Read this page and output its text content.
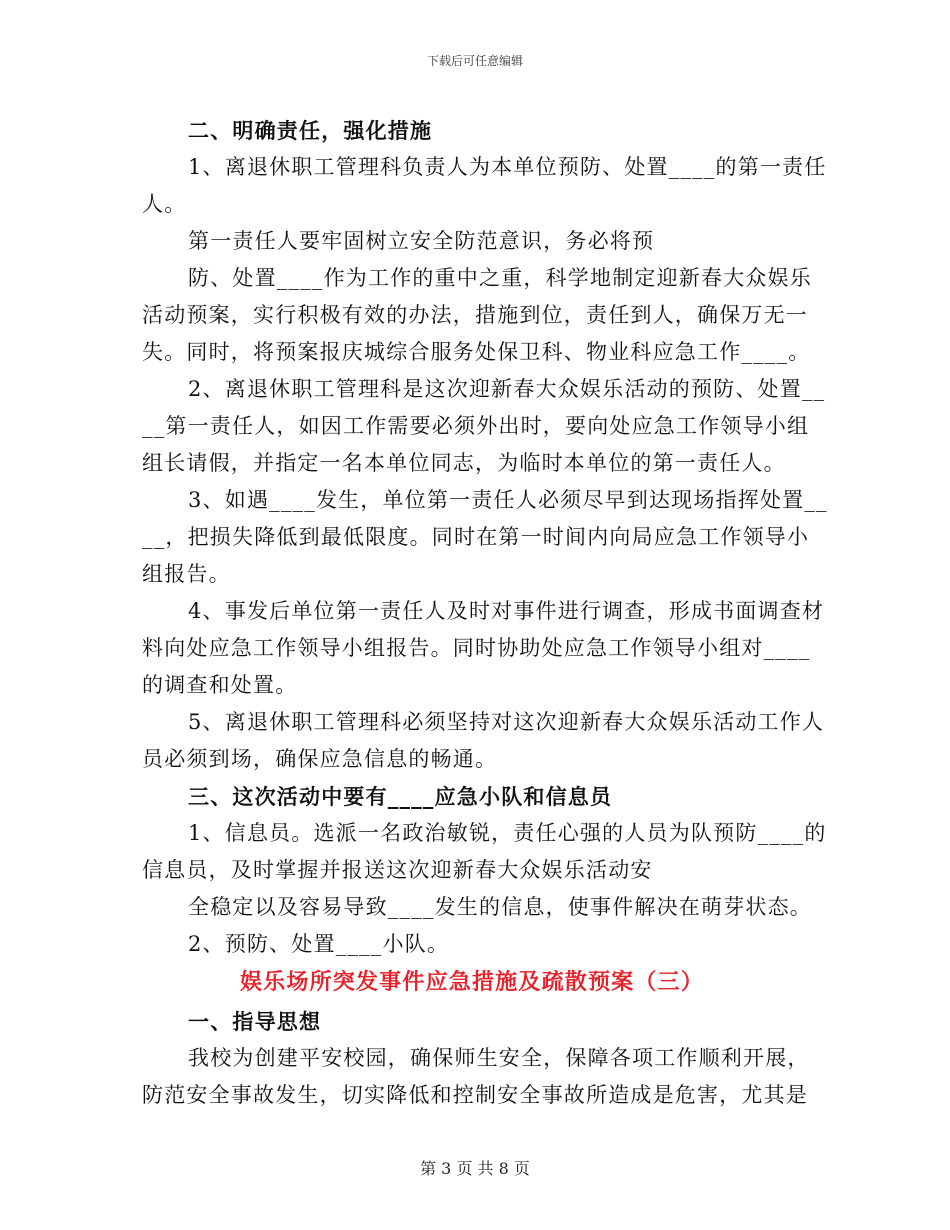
下载后可任意编辑
二、明确责任，强化措施
1、离退休职工管理科负责人为本单位预防、处置____的第一责任
人。
第一责任人要牢固树立安全防范意识，务必将预
防、处置____作为工作的重中之重，科学地制定迎新春大众娱乐
活动预案，实行积极有效的办法，措施到位，责任到人，确保万无一
失。同时，将预案报庆城综合服务处保卫科、物业科应急工作____。
2、离退休职工管理科是这次迎新春大众娱乐活动的预防、处置__
__第一责任人，如因工作需要必须外出时，要向处应急工作领导小组
组长请假，并指定一名本单位同志，为临时本单位的第一责任人。
3、如遇____发生，单位第一责任人必须尽早到达现场指挥处置__
__，把损失降低到最低限度。同时在第一时间内向局应急工作领导小
组报告。
4、事发后单位第一责任人及时对事件进行调查，形成书面调查材
料向处应急工作领导小组报告。同时协助处应急工作领导小组对____
的调查和处置。
5、离退休职工管理科必须坚持对这次迎新春大众娱乐活动工作人
员必须到场，确保应急信息的畅通。
三、这次活动中要有____应急小队和信息员
1、信息员。选派一名政治敏锐，责任心强的人员为队预防____的
信息员，及时掌握并报送这次迎新春大众娱乐活动安
全稳定以及容易导致____发生的信息，使事件解决在萌芽状态。
2、预防、处置____小队。
娱乐场所突发事件应急措施及疏散预案（三）
一、指导思想
我校为创建平安校园，确保师生安全，保障各项工作顺利开展，
防范安全事故发生，切实降低和控制安全事故所造成是危害，尤其是
第 3 页 共 8 页
